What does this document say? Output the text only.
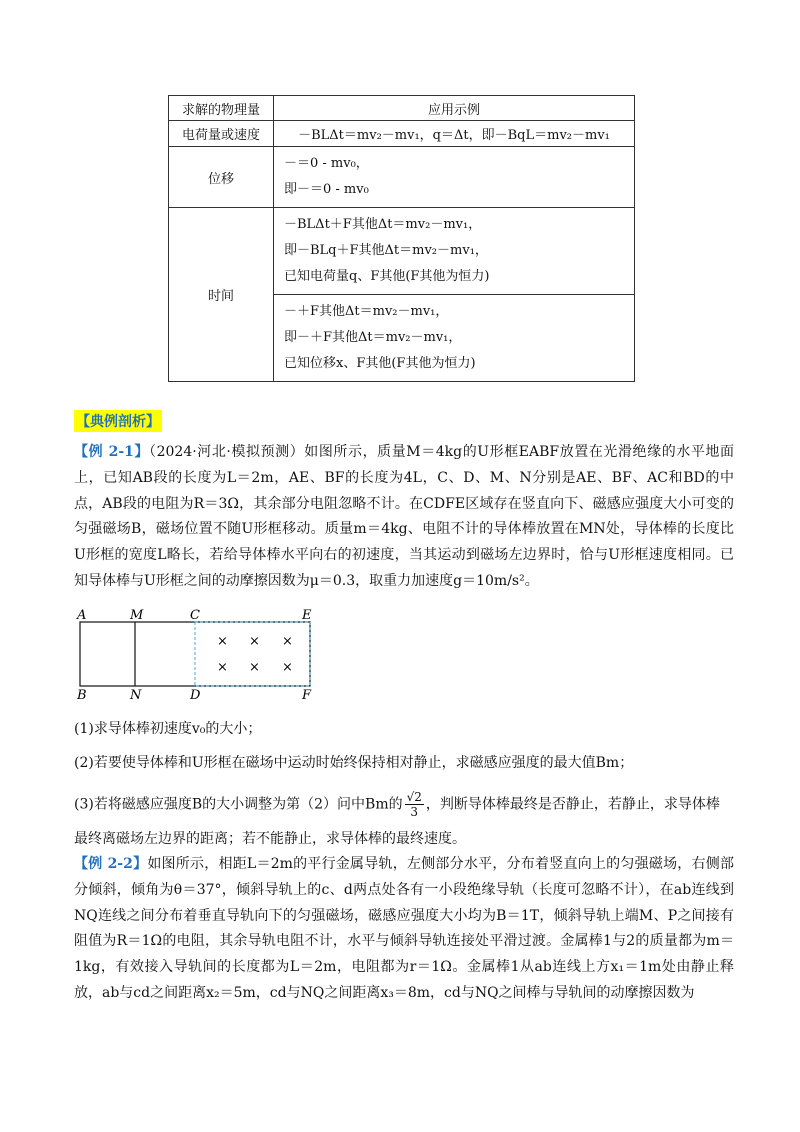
求解的物理量	应用示例
电荷量或速度	－BLΔt＝mv₂－mv₁，q＝Δt，即－BqL＝mv₂－mv₁
位移	－＝0 - mv₀，
即－＝0 - mv₀

时间	－BLΔt＋F其他Δt＝mv₂－mv₁，
即－BLq＋F其他Δt＝mv₂－mv₁，
已知电荷量q、F其他(F其他为恒力)

	－＋F其他Δt＝mv₂－mv₁，
即－＋F其他Δt＝mv₂－mv₁，
已知位移x、F其他(F其他为恒力)
【典例剖析】
【例 2-1】（2024·河北·模拟预测）如图所示，质量M＝4kg的U形框EABF放置在光滑绝缘的水平地面上，已知AB段的长度为L＝2m，AE、BF的长度为4L，C、D、M、N分别是AE、BF、AC和BD的中点，AB段的电阻为R＝3Ω，其余部分电阻忽略不计。在CDFE区域存在竖直向下、磁感应强度大小可变的匀强磁场B，磁场位置不随U形框移动。质量m＝4kg、电阻不计的导体棒放置在MN处，导体棒的长度比U形框的宽度L略长，若给导体棒水平向右的初速度，当其运动到磁场左边界时，恰与U形框速度相同。已知导体棒与U形框之间的动摩擦因数为μ＝0.3，取重力加速度g＝10m/s²。
A	M	C	E
B	N	D	F
× × ×
× × ×
(1)求导体棒初速度v₀的大小；
(2)若要使导体棒和U形框在磁场中运动时始终保持相对静止，求磁感应强度的最大值Bm；
(3)若将磁感应强度B的大小调整为第（2）问中Bm的 $\frac{√2}{3}$ ，判断导体棒最终是否静止，若静止，求导体棒
最终离磁场左边界的距离；若不能静止，求导体棒的最终速度。
【例 2-2】如图所示，相距L＝2m的平行金属导轨，左侧部分水平，分布着竖直向上的匀强磁场，右侧部分倾斜，倾角为θ＝37°，倾斜导轨上的c、d两点处各有一小段绝缘导轨（长度可忽略不计），在ab连线到NQ连线之间分布着垂直导轨向下的匀强磁场，磁感应强度大小均为B＝1T，倾斜导轨上端M、P之间接有阻值为R＝1Ω的电阻，其余导轨电阻不计，水平与倾斜导轨连接处平滑过渡。金属棒1与2的质量都为m＝1kg，有效接入导轨间的长度都为L＝2m，电阻都为r＝1Ω。金属棒1从ab连线上方x₁＝1m处由静止释放，ab与cd之间距离x₂＝5m，cd与NQ之间距离x₃＝8m，cd与NQ之间棒与导轨间的动摩擦因数为
